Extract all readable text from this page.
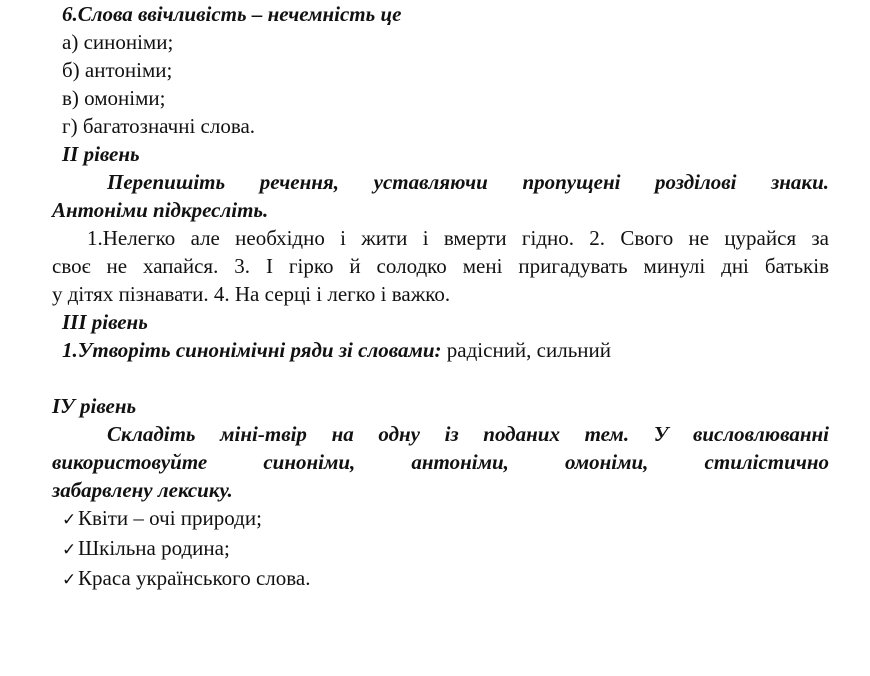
6.Слова ввічливість – нечемність це
а) синоніми;
б) антоніми;
в) омоніми;
г) багатозначні слова.
ІІ рівень
Перепишіть речення, уставляючи пропущені розділові знаки.
Антоніми підкресліть.
1.Нелегко але необхідно і жити і вмерти гідно. 2. Свого не цурайся за
своє не хапайся. 3. І гірко й солодко мені пригадувать минулі дні батьків
у дітях пізнавати. 4. На серці і легко і важко.
ІІІ рівень
1.Утворіть синонімічні ряди зі словами: радісний, сильний
ІУ рівень
Складіть міні-твір на одну із поданих тем. У висловлюванні
використовуйте синоніми, антоніми, омоніми, стилістично
забарвлену лексику.
✓Квіти – очі природи;
✓Шкільна родина;
✓Краса українського слова.
